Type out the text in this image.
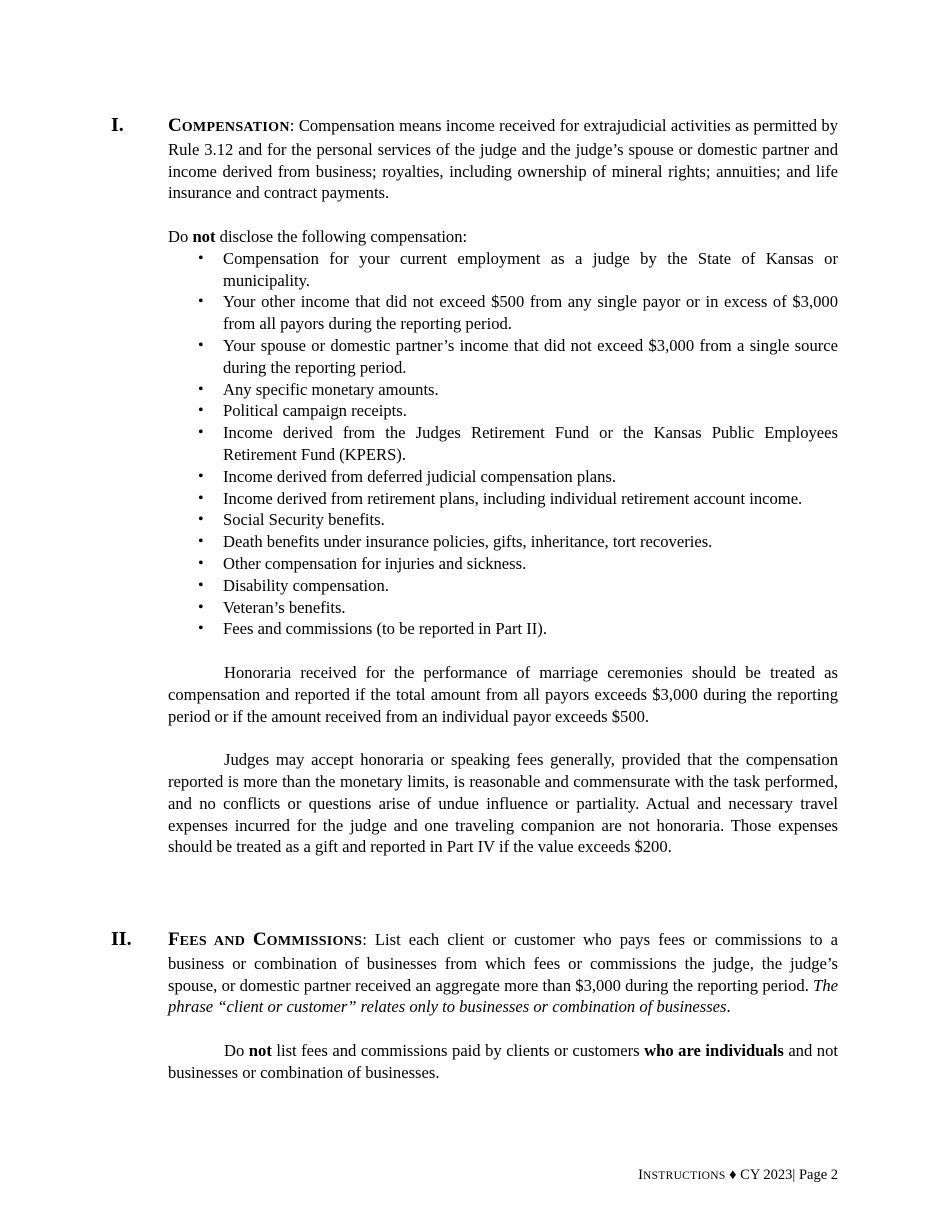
I. COMPENSATION: Compensation means income received for extrajudicial activities as permitted by Rule 3.12 and for the personal services of the judge and the judge’s spouse or domestic partner and income derived from business; royalties, including ownership of mineral rights; annuities; and life insurance and contract payments.

Do not disclose the following compensation:

• Compensation for your current employment as a judge by the State of Kansas or municipality.
• Your other income that did not exceed $500 from any single payor or in excess of $3,000 from all payors during the reporting period.
• Your spouse or domestic partner’s income that did not exceed $3,000 from a single source during the reporting period.
• Any specific monetary amounts.
• Political campaign receipts.
• Income derived from the Judges Retirement Fund or the Kansas Public Employees Retirement Fund (KPERS).
• Income derived from deferred judicial compensation plans.
• Income derived from retirement plans, including individual retirement account income.
• Social Security benefits.
• Death benefits under insurance policies, gifts, inheritance, tort recoveries.
• Other compensation for injuries and sickness.
• Disability compensation.
• Veteran’s benefits.
• Fees and commissions (to be reported in Part II).

Honoraria received for the performance of marriage ceremonies should be treated as compensation and reported if the total amount from all payors exceeds $3,000 during the reporting period or if the amount received from an individual payor exceeds $500.

Judges may accept honoraria or speaking fees generally, provided that the compensation reported is more than the monetary limits, is reasonable and commensurate with the task performed, and no conflicts or questions arise of undue influence or partiality. Actual and necessary travel expenses incurred for the judge and one traveling companion are not honoraria. Those expenses should be treated as a gift and reported in Part IV if the value exceeds $200.

II. FEES AND COMMISSIONS: List each client or customer who pays fees or commissions to a business or combination of businesses from which fees or commissions the judge, the judge’s spouse, or domestic partner received an aggregate more than $3,000 during the reporting period. The phrase “client or customer” relates only to businesses or combination of businesses.

Do not list fees and commissions paid by clients or customers who are individuals and not businesses or combination of businesses.

INSTRUCTIONS ♦ CY 2023| Page 2
